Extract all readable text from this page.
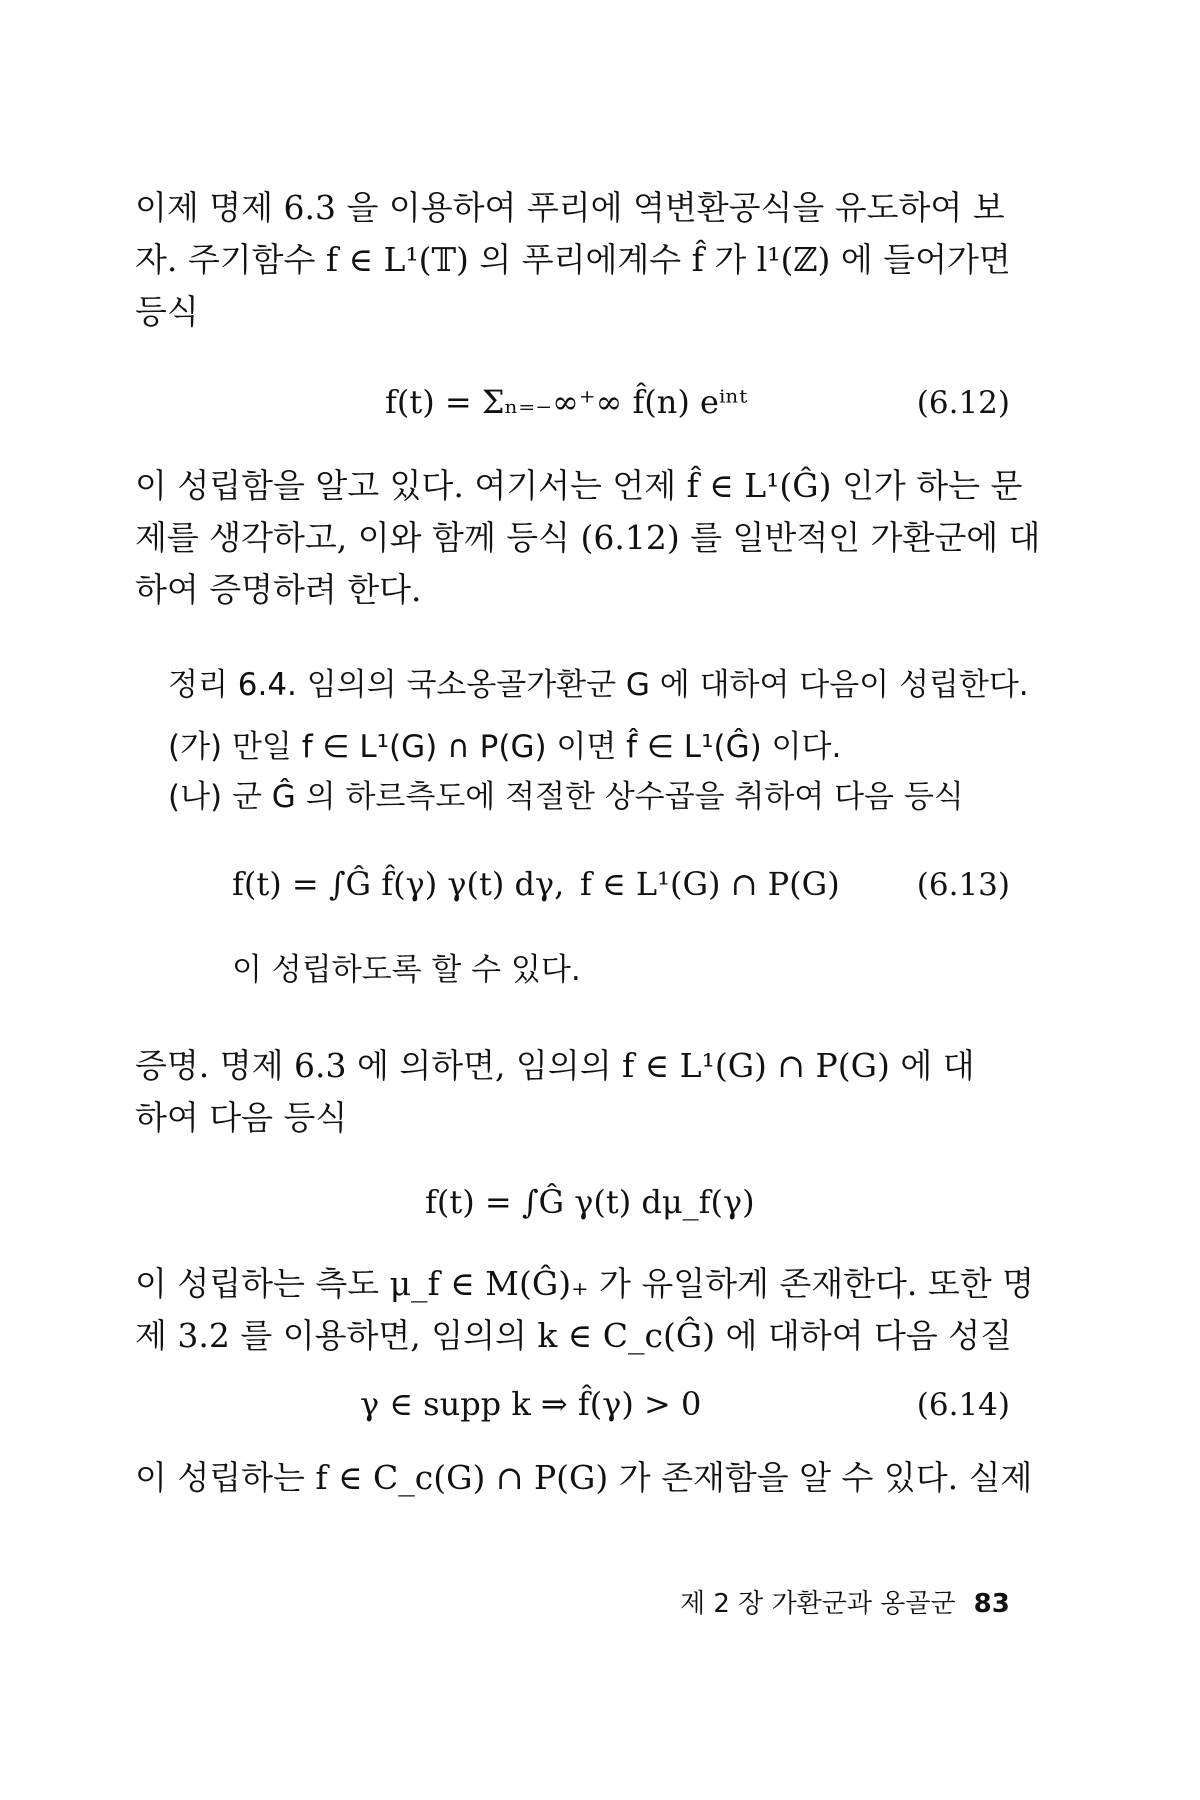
이제 명제 6.3 을 이용하여 푸리에 역변환공식을 유도하여 보
자. 주기함수 f ∈ L¹(𝕋) 의 푸리에계수 f̂ 가 l¹(ℤ) 에 들어가면
등식
f(t) = Σₙ₌₋∞⁺∞ f̂(n) eⁱⁿᵗ	(6.12)
이 성립함을 알고 있다. 여기서는 언제 f̂ ∈ L¹(Ĝ) 인가 하는 문
제를 생각하고, 이와 함께 등식 (6.12) 를 일반적인 가환군에 대
하여 증명하려 한다.
정리 6.4. 임의의 국소옹골가환군 G 에 대하여 다음이 성립한다.
(가) 만일 f ∈ L¹(G) ∩ P(G) 이면 f̂ ∈ L¹(Ĝ) 이다.
(나) 군 Ĝ 의 하르측도에 적절한 상수곱을 취하여 다음 등식
f(t) = ∫Ĝ f̂(γ) γ(t) dγ, f ∈ L¹(G) ∩ P(G) (6.13)
이 성립하도록 할 수 있다.
증명. 명제 6.3 에 의하면, 임의의 f ∈ L¹(G) ∩ P(G) 에 대
하여 다음 등식
f(t) = ∫Ĝ γ(t) dμ_f(γ)
이 성립하는 측도 μ_f ∈ M(Ĝ)₊ 가 유일하게 존재한다. 또한 명
제 3.2 를 이용하면, 임의의 k ∈ C_c(Ĝ) 에 대하여 다음 성질
γ ∈ supp k ⇒ f̂(γ) > 0	(6.14)
이 성립하는 f ∈ C_c(G) ∩ P(G) 가 존재함을 알 수 있다. 실제
제 2 장 가환군과 옹골군 83
